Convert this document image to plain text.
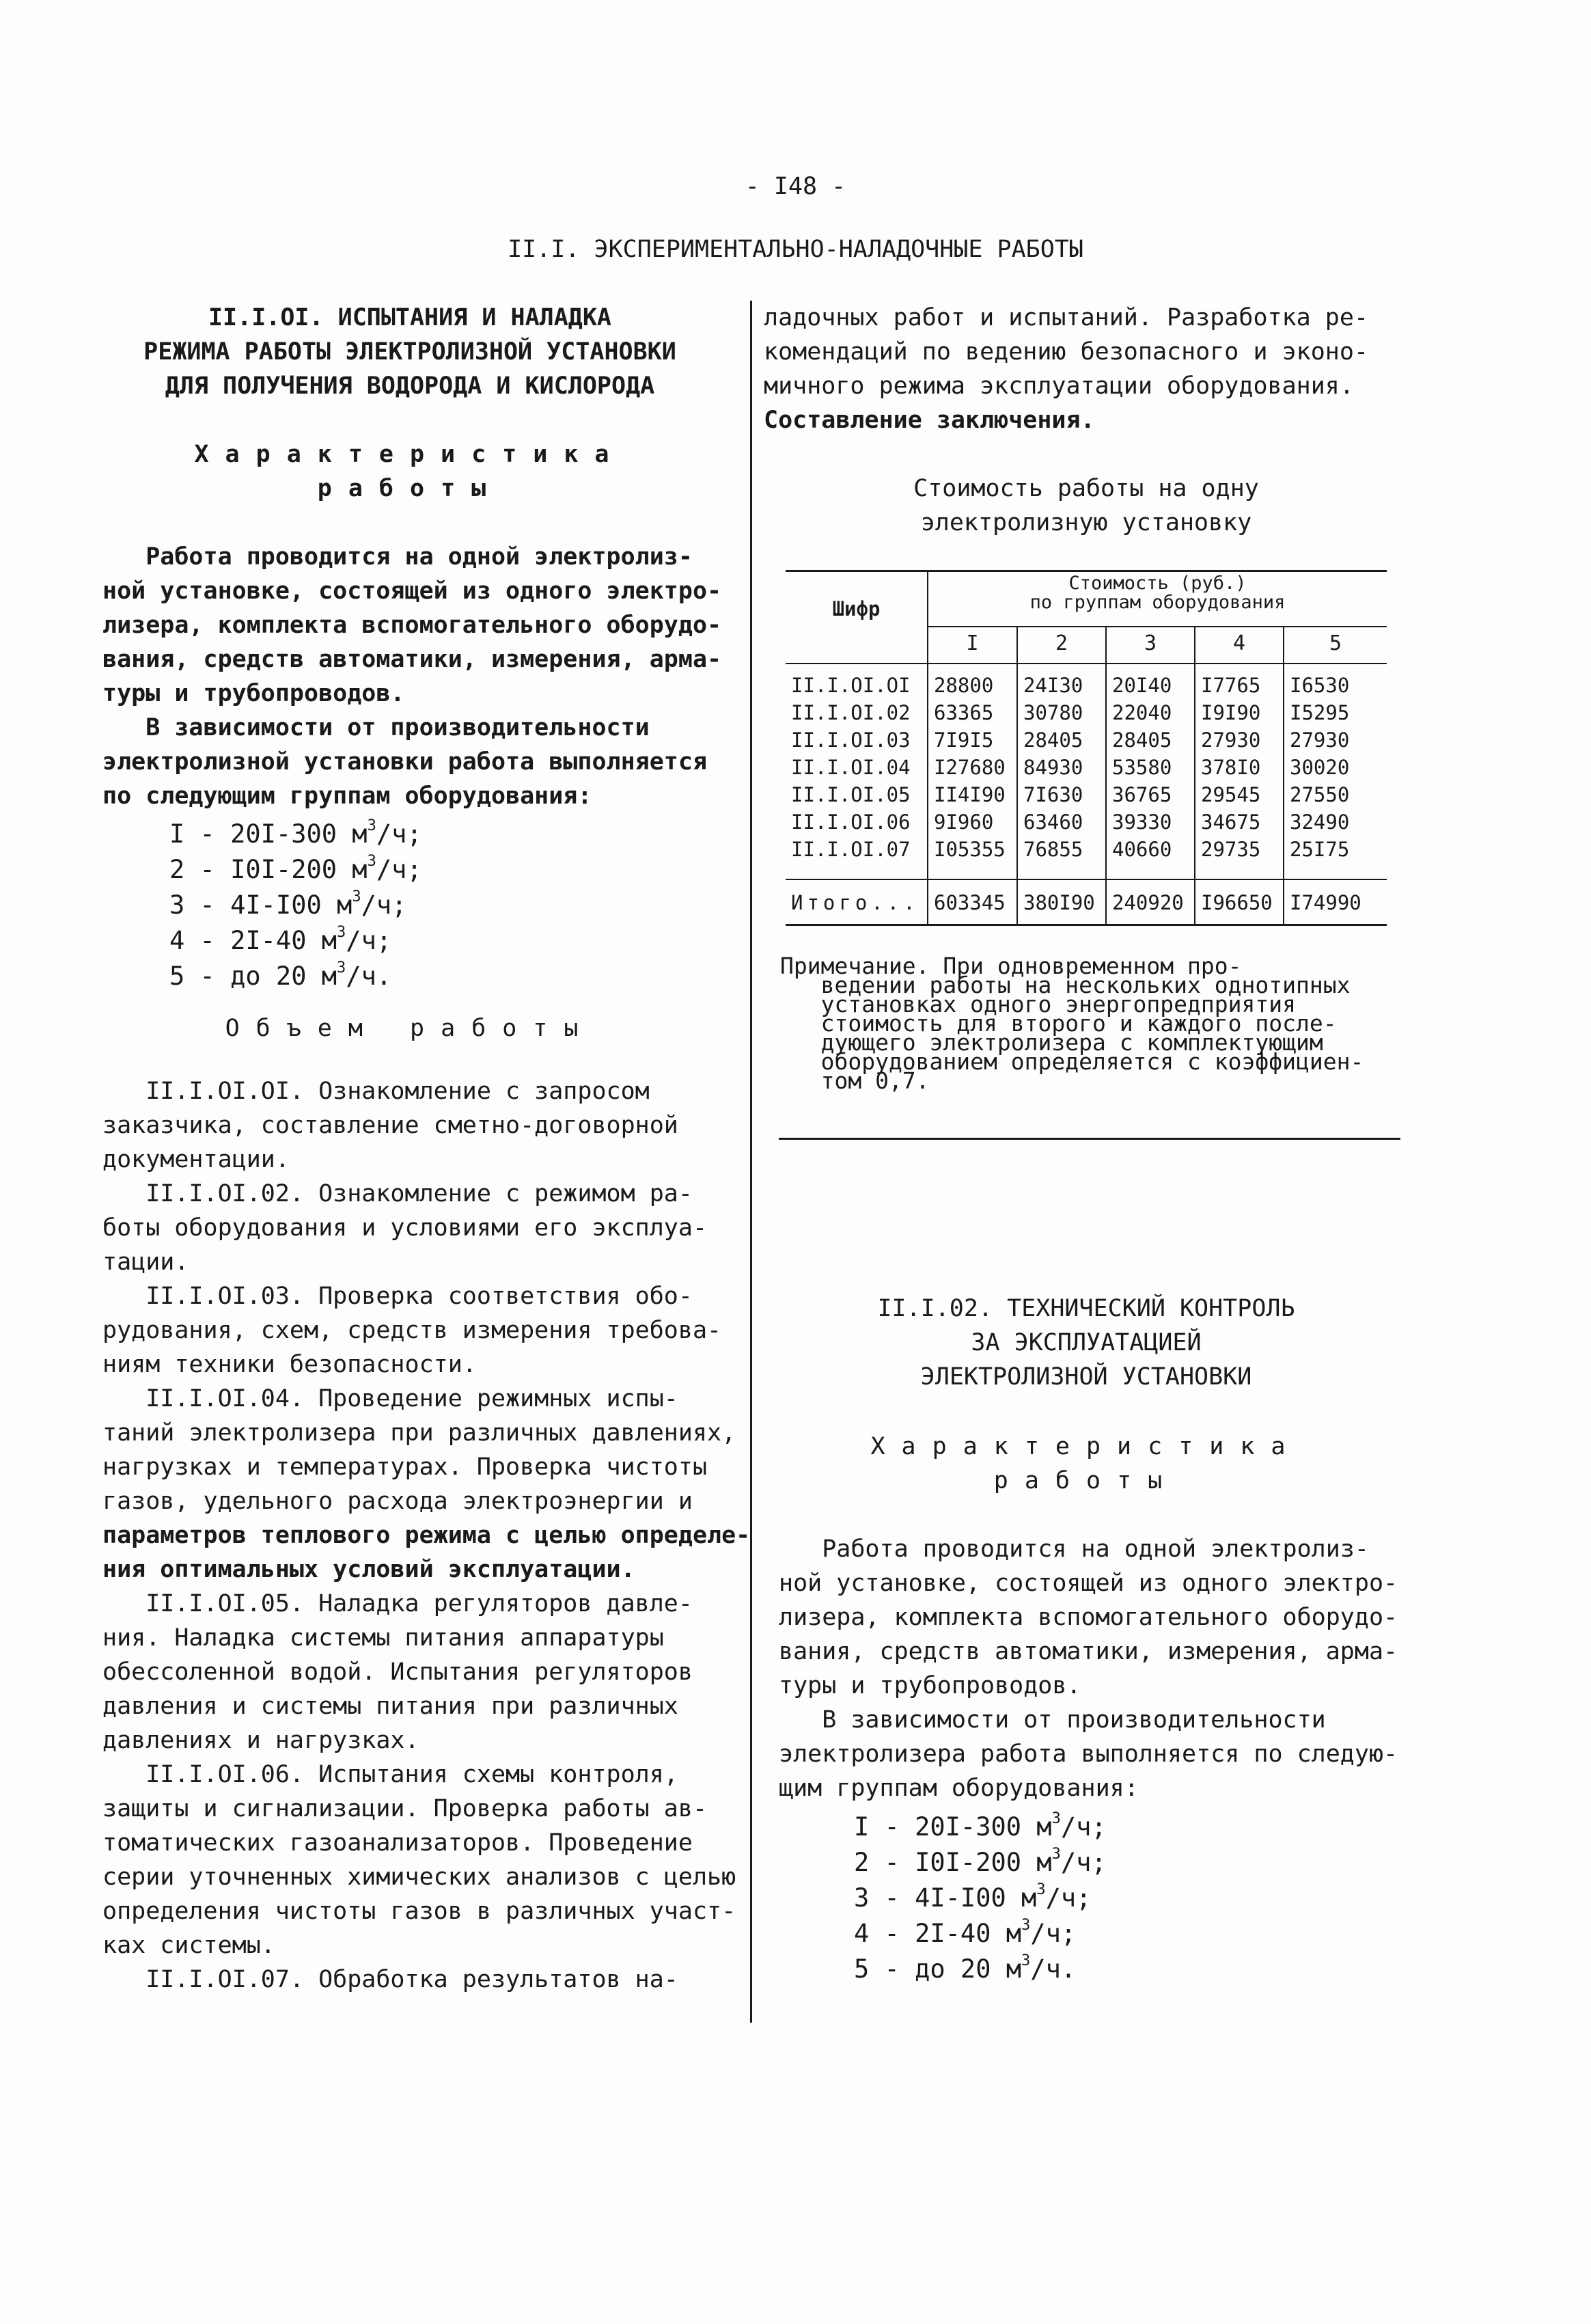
- I48 -
II.I. ЭКСПЕРИМЕНТАЛЬНО-НАЛАДОЧНЫЕ РАБОТЫ
II.I.OI. ИСПЫТАНИЯ И НАЛАДКА
РЕЖИМА РАБОТЫ ЭЛЕКТРОЛИЗНОЙ УСТАНОВКИ
ДЛЯ ПОЛУЧЕНИЯ ВОДОРОДА И КИСЛОРОДА
Характеристика
работы
Работа проводится на одной электролиз-
ной установке, состоящей из одного электро-
лизера, комплекта вспомогательного оборудо-
вания, средств автоматики, измерения, арма-
туры и трубопроводов.
В зависимости от производительности
электролизной установки работа выполняется
по следующим группам оборудования:
I - 20I-300 $м^3/ч$;
2 - I0I-200 $м^3/ч$;
3 - 4I-I00 $м^3/ч$;
4 - 2I-40 $м^3/ч$;
5 - до 20 $м^3/ч$.
Объем работы
II.I.OI.OI. Ознакомление с запросом
заказчика, составление сметно-договорной
документации.
II.I.OI.02. Ознакомление с режимом ра-
боты оборудования и условиями его эксплуа-
тации.
II.I.OI.03. Проверка соответствия обо-
рудования, схем, средств измерения требова-
ниям техники безопасности.
II.I.OI.04. Проведение режимных испы-
таний электролизера при различных давлениях,
нагрузках и температурах. Проверка чистоты
газов, удельного расхода электроэнергии и
параметров теплового режима с целью определе-
ния оптимальных условий эксплуатации.
II.I.OI.05. Наладка регуляторов давле-
ния. Наладка системы питания аппаратуры
обессоленной водой. Испытания регуляторов
давления и системы питания при различных
давлениях и нагрузках.
II.I.OI.06. Испытания схемы контроля,
защиты и сигнализации. Проверка работы ав-
томатических газоанализаторов. Проведение
серии уточненных химических анализов с целью
определения чистоты газов в различных участ-
ках системы.
II.I.OI.07. Обработка результатов на-
ладочных работ и испытаний. Разработка ре-
комендаций по ведению безопасного и эконо-
мичного режима эксплуатации оборудования.
Составление заключения.
Стоимость работы на одну
электролизную установку
Шифр
Стоимость (руб.)
по группам оборудования
I	2	3	4	5
II.I.OI.OI	28800	24I30	20I40	I7765	I6530
II.I.OI.02	63365	30780	22040	I9I90	I5295
II.I.OI.03	7I9I5	28405	28405	27930	27930
II.I.OI.04	I27680	84930	53580	378I0	30020
II.I.OI.05	II4I90	7I630	36765	29545	27550
II.I.OI.06	9I960	63460	39330	34675	32490
II.I.OI.07	I05355	76855	40660	29735	25I75
Итого...	603345	380I90	240920	I96650	I74990
Примечание. При одновременном про-
ведении работы на нескольких однотипных
установках одного энергопредприятия
стоимость для второго и каждого после-
дующего электролизера с комплектующим
оборудованием определяется с коэффициен-
том 0,7.
II.I.02. ТЕХНИЧЕСКИЙ КОНТРОЛЬ
ЗА ЭКСПЛУАТАЦИЕЙ
ЭЛЕКТРОЛИЗНОЙ УСТАНОВКИ
Характеристика
работы
Работа проводится на одной электролиз-
ной установке, состоящей из одного электро-
лизера, комплекта вспомогательного оборудо-
вания, средств автоматики, измерения, арма-
туры и трубопроводов.
В зависимости от производительности
электролизера работа выполняется по следую-
щим группам оборудования:
I - 20I-300 $м^3/ч$;
2 - I0I-200 $м^3/ч$;
3 - 4I-I00 $м^3/ч$;
4 - 2I-40 $м^3/ч$;
5 - до 20 $м^3/ч$.
